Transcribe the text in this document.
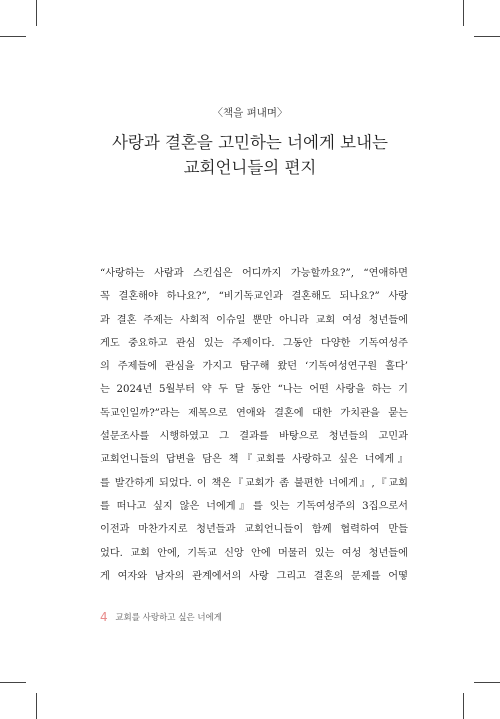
〈책을 펴내며〉
사랑과 결혼을 고민하는 너에게 보내는
교회언니들의 편지
“사랑하는 사람과 스킨십은 어디까지 가능할까요?”, “연애하면
꼭 결혼해야 하나요?”, “비기독교인과 결혼해도 되나요?” 사랑
과 결혼 주제는 사회적 이슈일 뿐만 아니라 교회 여성 청년들에
게도 중요하고 관심 있는 주제이다. 그동안 다양한 기독여성주
의 주제들에 관심을 가지고 탐구해 왔던 ‘기독여성연구원 홀다’
는 2024년 5월부터 약 두 달 동안 “나는 어떤 사랑을 하는 기
독교인일까?”라는 제목으로 연애와 결혼에 대한 가치관을 묻는
설문조사를 시행하였고 그 결과를 바탕으로 청년들의 고민과
교회언니들의 답변을 담은 책『교회를 사랑하고 싶은 너에게』
를 발간하게 되었다. 이 책은『교회가 좀 불편한 너에게』,『교회
를 떠나고 싶지 않은 너에게』를 잇는 기독여성주의 3집으로서
이전과 마찬가지로 청년들과 교회언니들이 함께 협력하여 만들
었다. 교회 안에, 기독교 신앙 안에 머물러 있는 여성 청년들에
게 여자와 남자의 관계에서의 사랑 그리고 결혼의 문제를 어떻
4 교회를 사랑하고 싶은 너에게
